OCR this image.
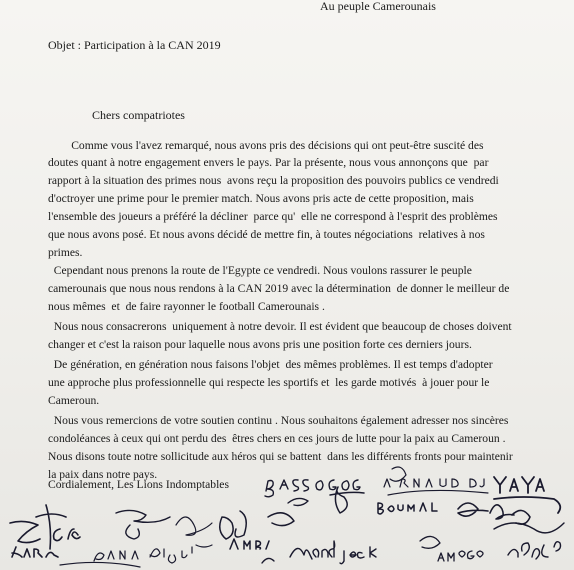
Au peuple Camerounais
Objet : Participation à la CAN 2019
Chers compatriotes
Comme vous l'avez remarqué, nous avons pris des décisions qui ont peut-être suscité des
doutes quant à notre engagement envers le pays. Par la présente, nous vous annonçons que  par
rapport à la situation des primes nous  avons reçu la proposition des pouvoirs publics ce vendredi
d'octroyer une prime pour le premier match. Nous avons pris acte de cette proposition, mais
l'ensemble des joueurs a préféré la décliner  parce qu'  elle ne correspond à l'esprit des problèmes
que nous avons posé. Et nous avons décidé de mettre fin, à toutes négociations  relatives à nos
primes.
Cependant nous prenons la route de l'Egypte ce vendredi. Nous voulons rassurer le peuple
camerounais que nous nous rendons à la CAN 2019 avec la détermination  de donner le meilleur de
nous mêmes  et  de faire rayonner le football Camerounais .
Nous nous consacrerons  uniquement à notre devoir. Il est évident que beaucoup de choses doivent
changer et c'est la raison pour laquelle nous avons pris une position forte ces derniers jours.
De génération, en génération nous faisons l'objet  des mêmes problèmes. Il est temps d'adopter
une approche plus professionnelle qui respecte les sportifs et  les garde motivés  à jouer pour le
Cameroun.
Nous vous remercions de votre soutien continu . Nous souhaitons également adresser nos sincères
condoléances à ceux qui ont perdu des  êtres chers en ces jours de lutte pour la paix au Cameroun .
Nous disons toute notre sollicitude aux héros qui se battent  dans les différents fronts pour maintenir
la paix dans notre pays.
Cordialement, Les Lions Indomptables
